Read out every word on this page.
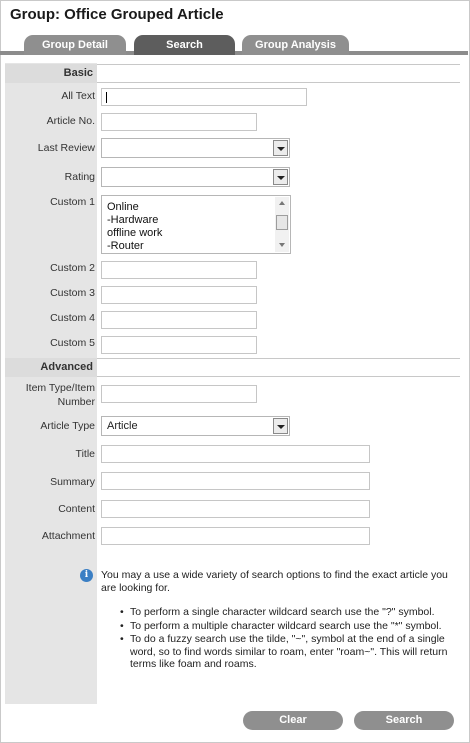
Group: Office Grouped Article
Group Detail	Search	Group Analysis
Basic
All Text
Article No.
Last Review
Rating
Custom 1 Online
-Hardware
offline work
-Router
Custom 2
Custom 3
Custom 4
Custom 5
Advanced
Item Type/Item
Number
Article Type	Article
Title
Summary
Content
Attachment
i	You may a use a wide variety of search options to find the exact article you are looking for.
• To perform a single character wildcard search use the "?" symbol.
• To perform a multiple character wildcard search use the "*" symbol.
• To do a fuzzy search use the tilde, "~", symbol at the end of a single word, so to find words similar to roam, enter "roam~". This will return terms like foam and roams.
Clear	Search
